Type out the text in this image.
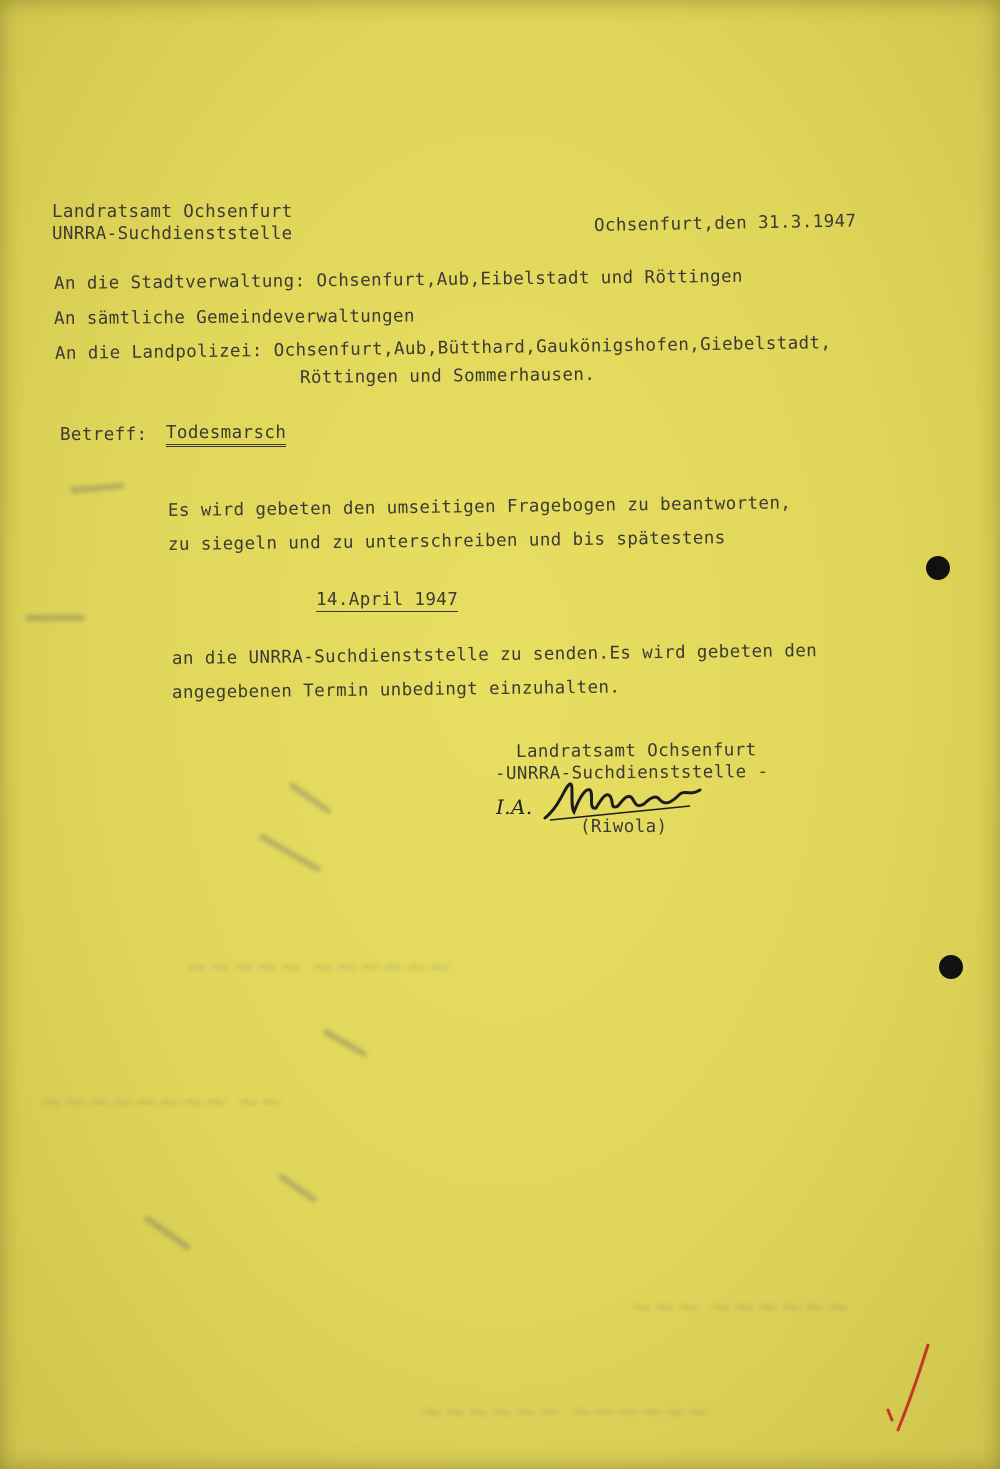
~~~~~ ~~~~~~
~~~~~~~~ ~~
~~~ ~~~~~~
~~~~~~ ~~~~~~
Landratsamt Ochsenfurt
UNRRA-Suchdienststelle	Ochsenfurt,den 31.3.1947
An die Stadtverwaltung: Ochsenfurt,Aub,Eibelstadt und Röttingen
An sämtliche Gemeindeverwaltungen
An die Landpolizei: Ochsenfurt,Aub,Bütthard,Gaukönigshofen,Giebelstadt,
Röttingen und Sommerhausen.
Betreff: Todesmarsch
Es wird gebeten den umseitigen Fragebogen zu beantworten,
zu siegeln und zu unterschreiben und bis spätestens
14.April 1947
an die UNRRA-Suchdienststelle zu senden.Es wird gebeten den
angegebenen Termin unbedingt einzuhalten.
Landratsamt Ochsenfurt
-UNRRA-Suchdienststelle -
I.A.
(Riwola)
